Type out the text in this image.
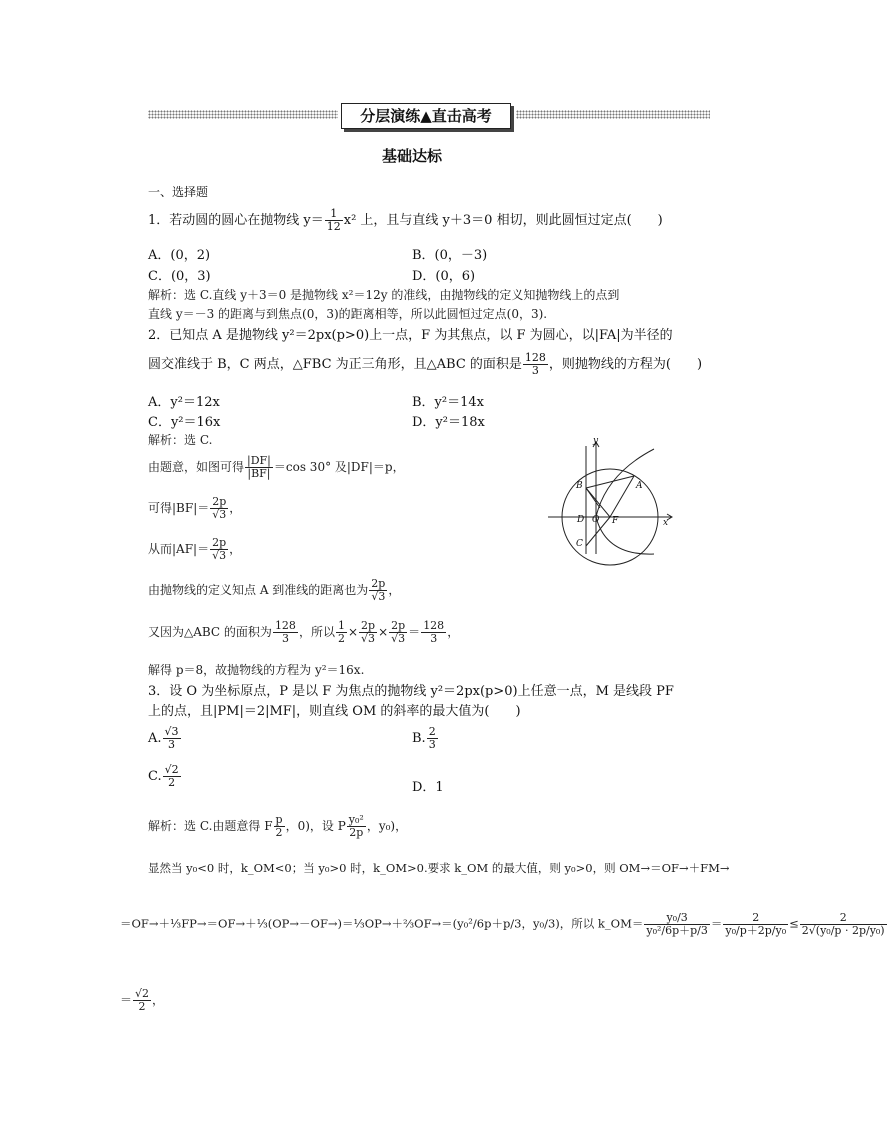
分层演练▲直击高考
基础达标
一、选择题
1．若动圆的圆心在抛物线 $y= \frac{1}{12} x^2$ 上，且与直线 y＋3＝0 相切，则此圆恒过定点(　　)
A．(0，2)	B．(0，－3)
C．(0，3)	D．(0，6)
解析：选 C.直线 y＋3＝0 是抛物线 x²＝12y 的准线，由抛物线的定义知抛物线上的点到
直线 y＝－3 的距离与到焦点(0，3)的距离相等，所以此圆恒过定点(0，3).
2．已知点 A 是抛物线 y²＝2px(p>0)上一点，F 为其焦点，以 F 为圆心，以|FA|为半径的
圆交准线于 B，C 两点，△FBC 为正三角形，且△ABC 的面积是 $\frac{128}{3}$ ，则抛物线的方程为(　　)
A．y²＝12x	B．y²＝14x
C．y²＝16x	D．y²＝18x
解析：选 C.
由题意，如图可得 $\frac{|DF|}{|BF|} =\cos$ 30° 及|DF|＝p，
可得$|BF|= \frac{2p}{√3}$ ，
从而$|AF|= \frac{2p}{√3}$ ，
由抛物线的定义知点 A 到准线的距离也为 $\frac{2p}{√3}$ ，
又因为△ABC 的面积为 $\frac{128}{3}$ ，所以 $\frac{1}{2} \times \frac{2p}{√3} \times \frac{2p}{√3} = \frac{128}{3}$ ，
解得 p＝8，故抛物线的方程为 y²＝16x.
y
B	A
D O F	x
C
3．设 O 为坐标原点，P 是以 F 为焦点的抛物线 y²＝2px(p>0)上任意一点，M 是线段 PF
上的点，且|PM|＝2|MF|，则直线 OM 的斜率的最大值为(　　)
A. $\frac{√3}{3}$	B. $\frac{2}{3}$
C. $\frac{√2}{2}$	D．1
解析：选 C.由题意得 F $\frac{p}{2}$ ，0)，设 P $\frac{\text{y₀²}}{2p}$ ，y₀)，
显然当 y₀<0 时，k_OM<0；当 y₀>0 时，k_OM>0.要求 k_OM 的最大值，则 y₀>0，则 OM→＝OF→＋FM→
＝OF→＋⅓FP→＝OF→＋⅓(OP→－OF→)＝⅓OP→＋⅔OF→＝(y₀²/6p＋p/3，y₀/3)，所以 k_OM＝ $\frac{\text{y₀/3}}{\text{y₀²/6p＋p/3}} = \frac{2}{\text{y₀/p＋2p/y₀}} \le \frac{2}{\text{2√(y₀/p · 2p/y₀)}}$
＝ $\frac{√2}{2}$ ，
